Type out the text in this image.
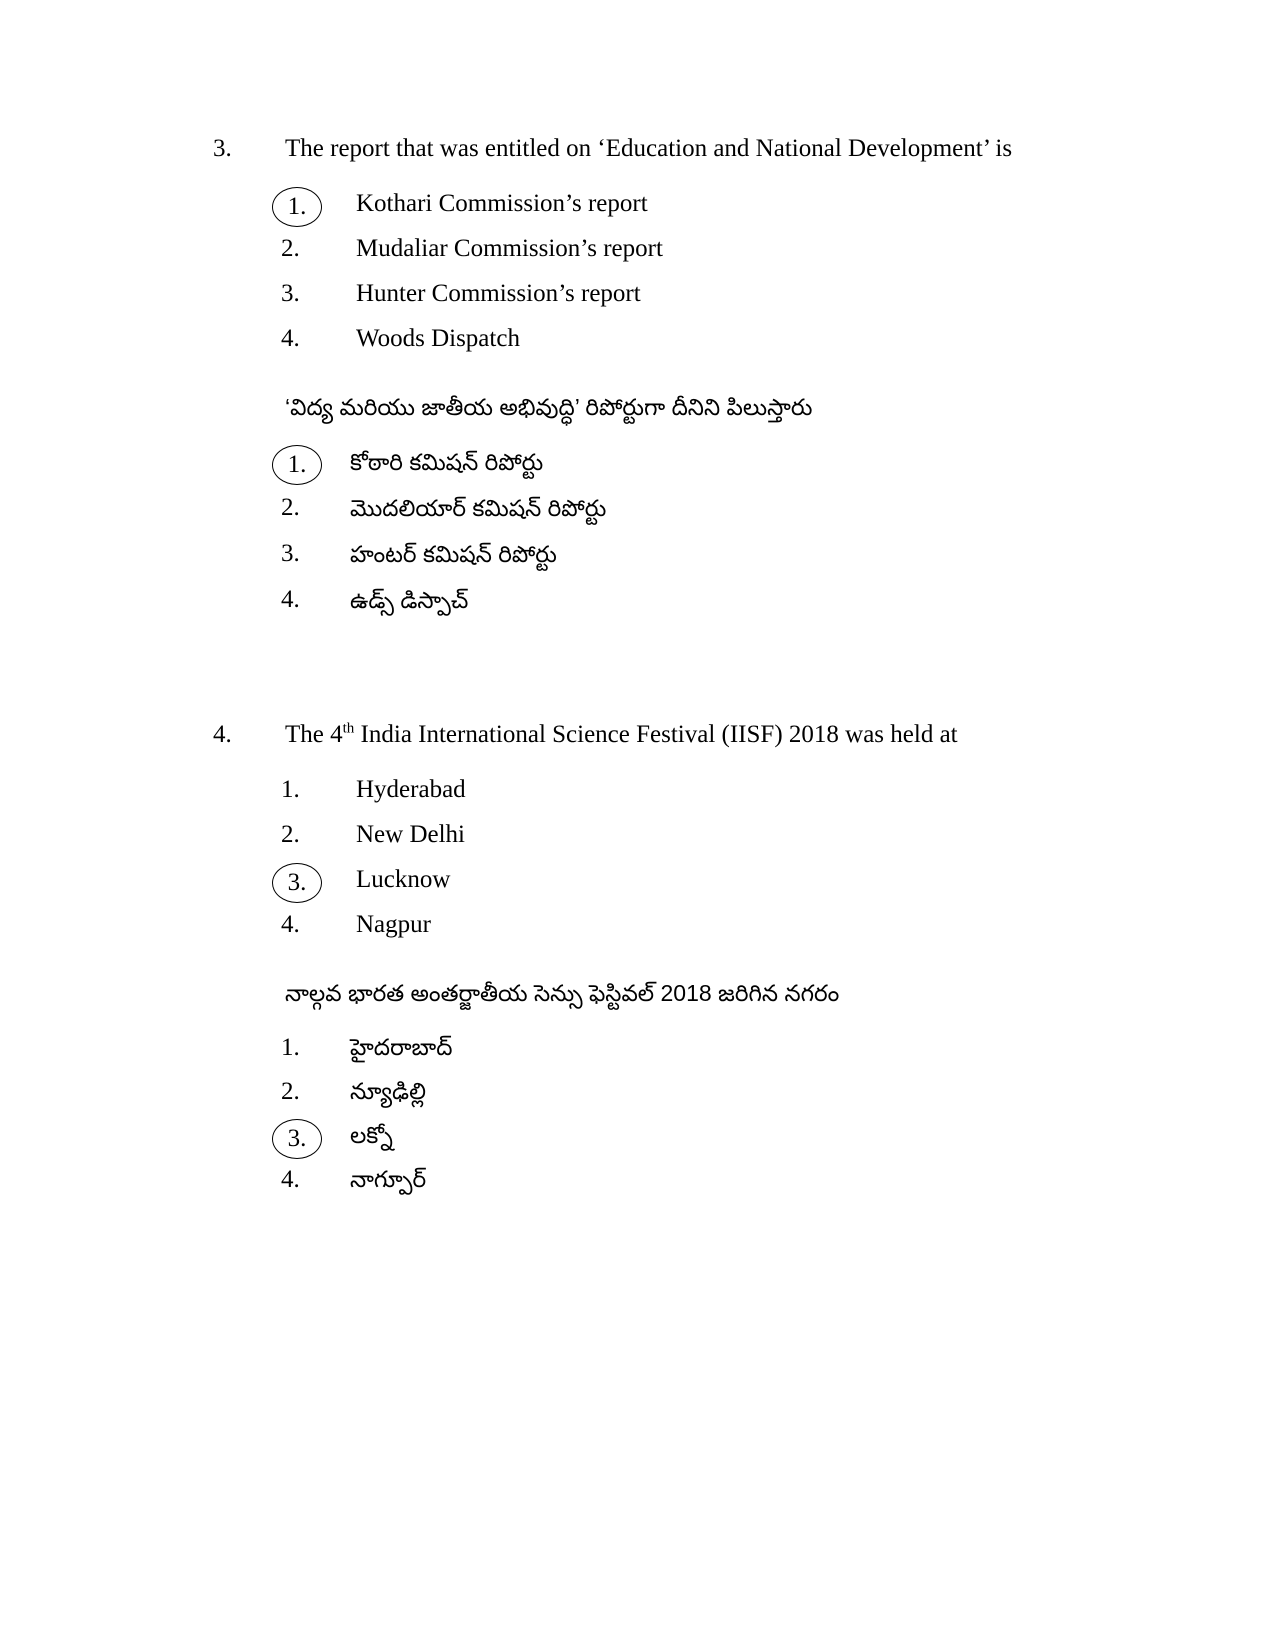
3. The report that was entitled on ‘Education and National Development’ is
1.	Kothari Commission’s report
2.	Mudaliar Commission’s report
3.	Hunter Commission’s report
4.	Woods Dispatch
‘విద్య మరియు జాతీయ అభివుద్ధి’ రిపోర్టుగా దీనిని పిలుస్తారు
1.	కోఠారి కమిషన్ రిపోర్టు
2.	మొదలియార్ కమిషన్ రిపోర్టు
3.	హంటర్ కమిషన్ రిపోర్టు
4.	ఉడ్స్ డిస్పాచ్
4. The 4th India International Science Festival (IISF) 2018 was held at
1.	Hyderabad
2.	New Delhi
3.	Lucknow
4.	Nagpur
నాల్గవ భారత అంతర్జాతీయ సెన్సు ఫెస్టివల్ 2018 జరిగిన నగరం
1.	హైదరాబాద్
2.	న్యూఢిల్లి
3.	లక్నో
4.	నాగ్పూర్
